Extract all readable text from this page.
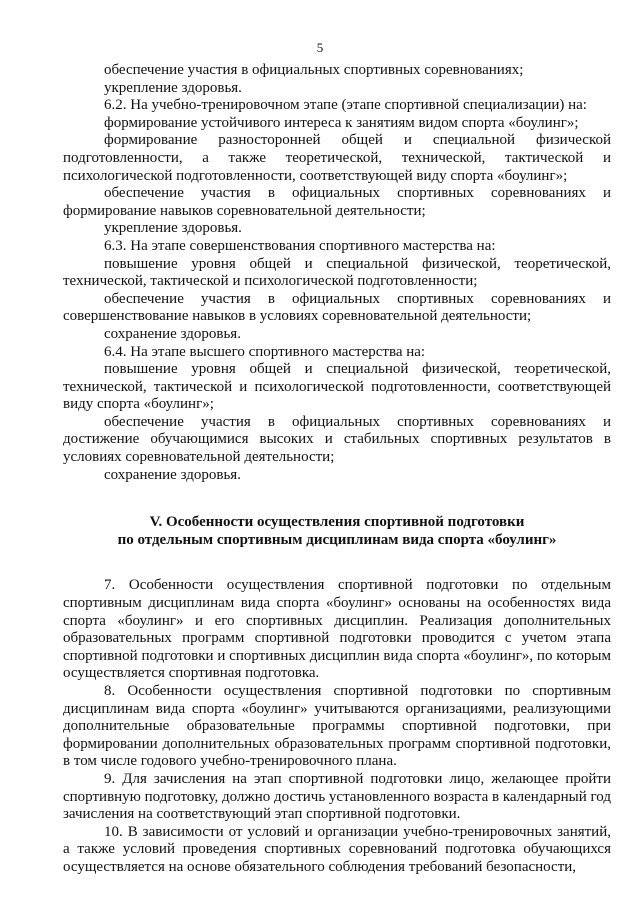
5

обеспечение участия в официальных спортивных соревнованиях;

укрепление здоровья.

6.2. На учебно-тренировочном этапе (этапе спортивной специализации) на:

формирование устойчивого интереса к занятиям видом спорта «боулинг»;

формирование разносторонней общей и специальной физической подготовленности, а также теоретической, технической, тактической и психологической подготовленности, соответствующей виду спорта «боулинг»;

обеспечение участия в официальных спортивных соревнованиях и формирование навыков соревновательной деятельности;

укрепление здоровья.

6.3. На этапе совершенствования спортивного мастерства на:

повышение уровня общей и специальной физической, теоретической, технической, тактической и психологической подготовленности;

обеспечение участия в официальных спортивных соревнованиях и совершенствование навыков в условиях соревновательной деятельности;

сохранение здоровья.

6.4. На этапе высшего спортивного мастерства на:

повышение уровня общей и специальной физической, теоретической, технической, тактической и психологической подготовленности, соответствующей виду спорта «боулинг»;

обеспечение участия в официальных спортивных соревнованиях и достижение обучающимися высоких и стабильных спортивных результатов в условиях соревновательной деятельности;

сохранение здоровья.

V. Особенности осуществления спортивной подготовки
по отдельным спортивным дисциплинам вида спорта «боулинг»

7. Особенности осуществления спортивной подготовки по отдельным спортивным дисциплинам вида спорта «боулинг» основаны на особенностях вида спорта «боулинг» и его спортивных дисциплин. Реализация дополнительных образовательных программ спортивной подготовки проводится с учетом этапа спортивной подготовки и спортивных дисциплин вида спорта «боулинг», по которым осуществляется спортивная подготовка.

8. Особенности осуществления спортивной подготовки по спортивным дисциплинам вида спорта «боулинг» учитываются организациями, реализующими дополнительные образовательные программы спортивной подготовки, при формировании дополнительных образовательных программ спортивной подготовки, в том числе годового учебно-тренировочного плана.

9. Для зачисления на этап спортивной подготовки лицо, желающее пройти спортивную подготовку, должно достичь установленного возраста в календарный год зачисления на соответствующий этап спортивной подготовки.

10. В зависимости от условий и организации учебно-тренировочных занятий, а также условий проведения спортивных соревнований подготовка обучающихся осуществляется на основе обязательного соблюдения требований безопасности,
